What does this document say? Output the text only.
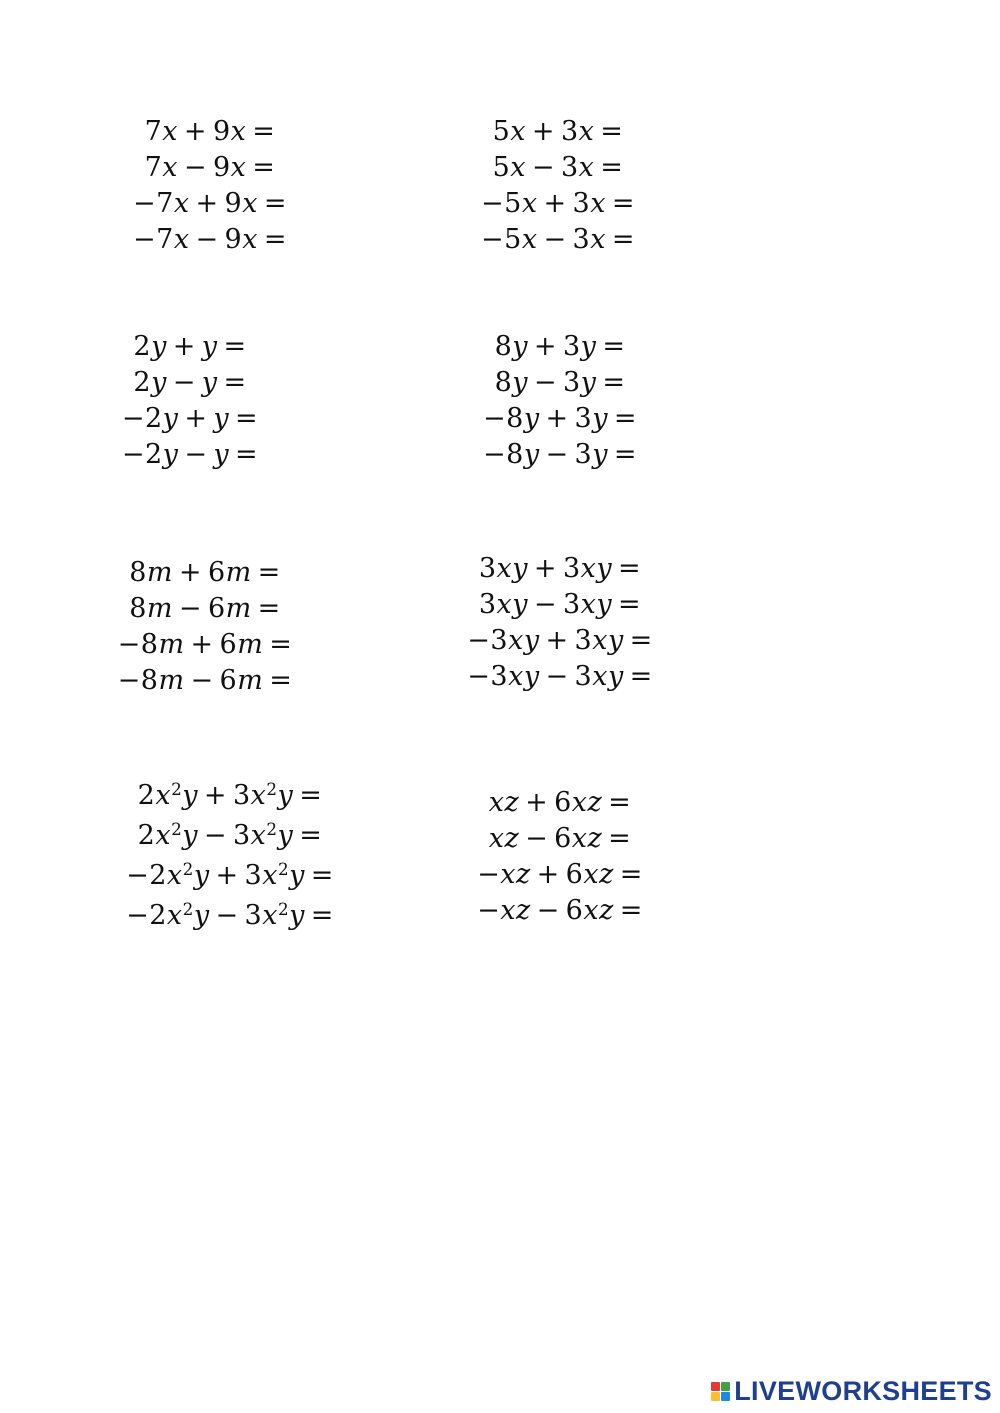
7x  +  9x  =
7x  −  9x  =
−7x  +  9x  =
−7x  −  9x  =
5x  +  3x  =
5x  −  3x  =
−5x  +  3x  =
−5x  −  3x  =
2y  +  y  =
2y  −  y  =
−2y  +  y  =
−2y  −  y  =
8y  +  3y  =
8y  −  3y  =
−8y  +  3y  =
−8y  −  3y  =
8m  +  6m  =
8m  −  6m  =
−8m  +  6m  =
−8m  −  6m  =
3xy  +  3xy  =
3xy  −  3xy  =
−3xy  +  3xy  =
−3xy  −  3xy  =
$2x^2y + 3x^2y$  =
$2x^2y - 3x^2y$  =
$-2x^2y + 3x^2y$  =
$-2x^2y - 3x^2y$  =
xz  +  6xz  =
xz  −  6xz  =
−xz  +  6xz  =
−xz  −  6xz  =
LIVEWORKSHEETS
